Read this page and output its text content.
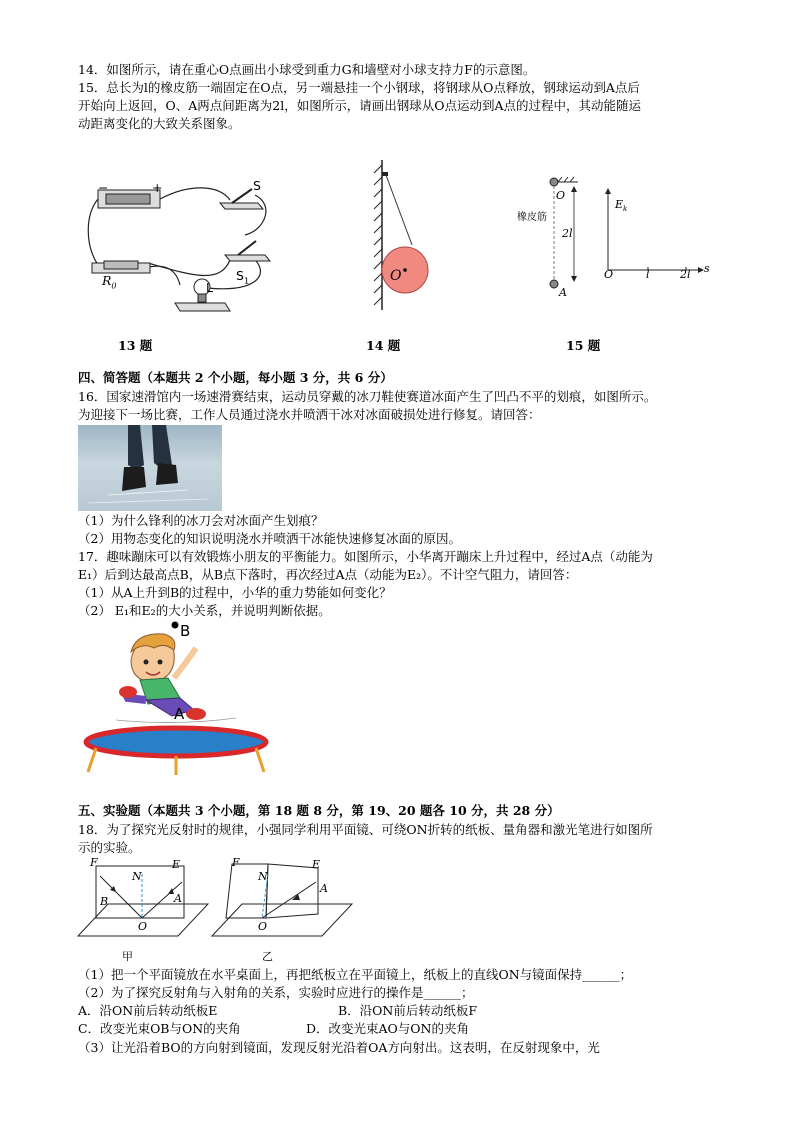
14．如图所示，请在重心O点画出小球受到重力G和墙壁对小球支持力F的示意图。
15．总长为l的橡皮筋一端固定在O点，另一端悬挂一个小钢球，将钢球从O点释放，钢球运动到A点后
开始向上返回，O、A两点间距离为2l，如图所示，请画出钢球从O点运动到A点的过程中，其动能随运
动距离变化的大致关系图象。
−	+	S
$S_1$
L
$R_0$
O
O
橡皮筋
2l
A
$E_k$
O	l	2l s
13 题	14 题	15 题
四、简答题（本题共 2 个小题，每小题 3 分，共 6 分）
16．国家速滑馆内一场速滑赛结束，运动员穿戴的冰刀鞋使赛道冰面产生了凹凸不平的划痕，如图所示。
为迎接下一场比赛，工作人员通过浇水并喷洒干冰对冰面破损处进行修复。请回答：
（1）为什么锋利的冰刀会对冰面产生划痕？
（2）用物态变化的知识说明浇水并喷洒干冰能快速修复冰面的原因。
17．趣味蹦床可以有效锻炼小朋友的平衡能力。如图所示，小华离开蹦床上升过程中，经过A点（动能为
E₁）后到达最高点B，从B点下落时，再次经过A点（动能为E₂）。不计空气阻力，请回答：
（1）从A上升到B的过程中，小华的重力势能如何变化？
（2） E₁和E₂的大小关系，并说明判断依据。
B
A
五、实验题（本题共 3 个小题，第 18 题 8 分，第 19、20 题各 10 分，共 28 分）
18．为了探究光反射时的规律，小强同学利用平面镜、可绕ON折转的纸板、量角器和激光笔进行如图所
示的实验。
F	E
N
B	A
O
甲
F	E
N
A
O
乙
（1）把一个平面镜放在水平桌面上，再把纸板立在平面镜上，纸板上的直线ON与镜面保持______；
（2）为了探究反射角与入射角的关系，实验时应进行的操作是______；
A．沿ON前后转动纸板E	B．沿ON前后转动纸板F
C．改变光束OB与ON的夹角	D．改变光束AO与ON的夹角
（3）让光沿着BO的方向射到镜面，发现反射光沿着OA方向射出。这表明，在反射现象中，光
